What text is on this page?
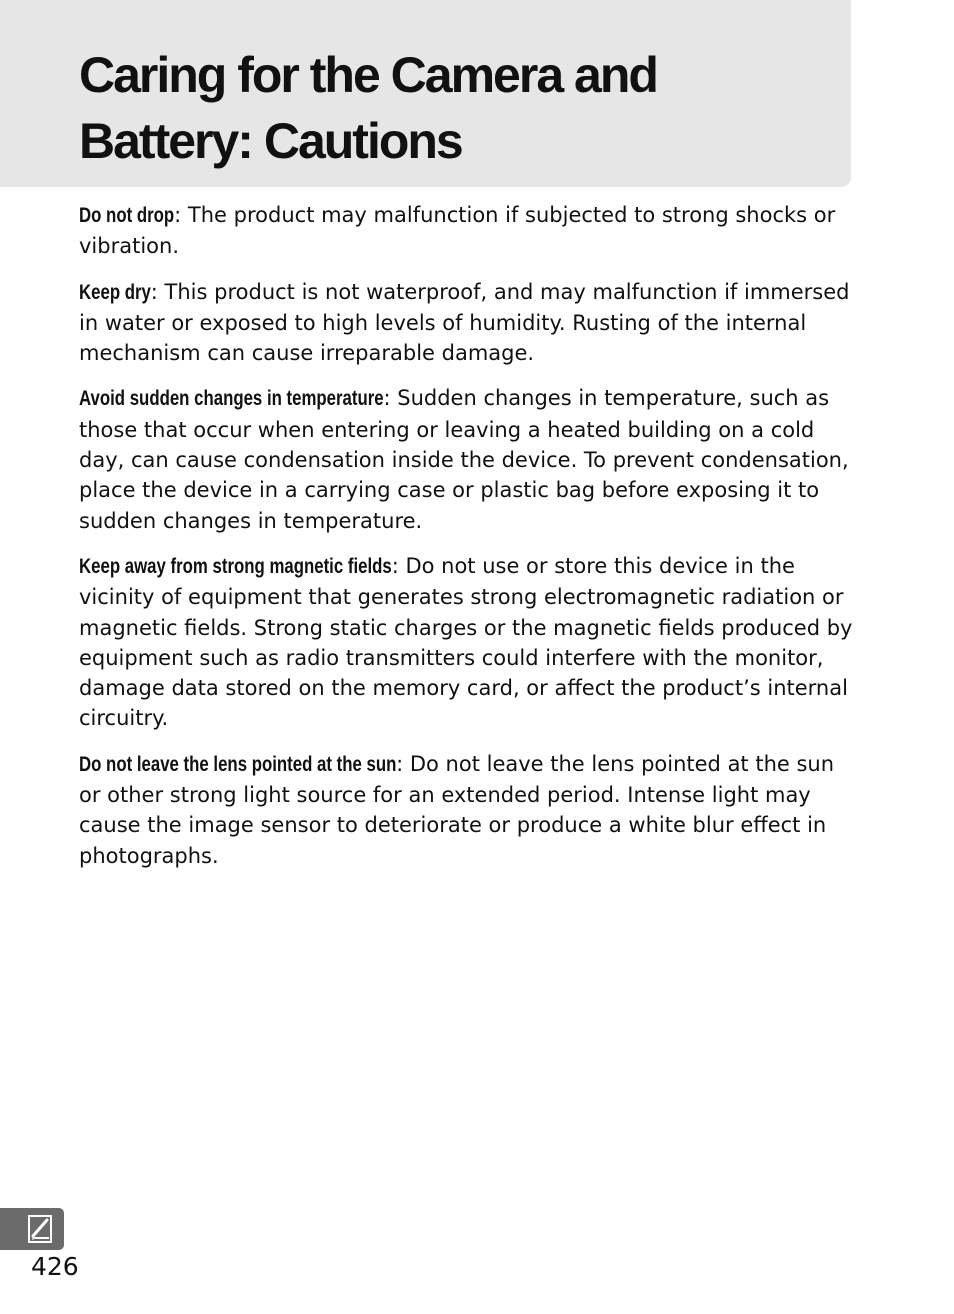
Caring for the Camera and
Battery: Cautions

Do not drop: The product may malfunction if subjected to strong shocks or vibration.

Keep dry: This product is not waterproof, and may malfunction if immersed in water or exposed to high levels of humidity. Rusting of the internal mechanism can cause irreparable damage.

Avoid sudden changes in temperature: Sudden changes in temperature, such as those that occur when entering or leaving a heated building on a cold day, can cause condensation inside the device. To prevent condensation, place the device in a carrying case or plastic bag before exposing it to sudden changes in temperature.

Keep away from strong magnetic fields: Do not use or store this device in the vicinity of equipment that generates strong electromagnetic radiation or magnetic fields. Strong static charges or the magnetic fields produced by equipment such as radio transmitters could interfere with the monitor, damage data stored on the memory card, or affect the product’s internal circuitry.

Do not leave the lens pointed at the sun: Do not leave the lens pointed at the sun or other strong light source for an extended period. Intense light may cause the image sensor to deteriorate or produce a white blur effect in photographs.

426
